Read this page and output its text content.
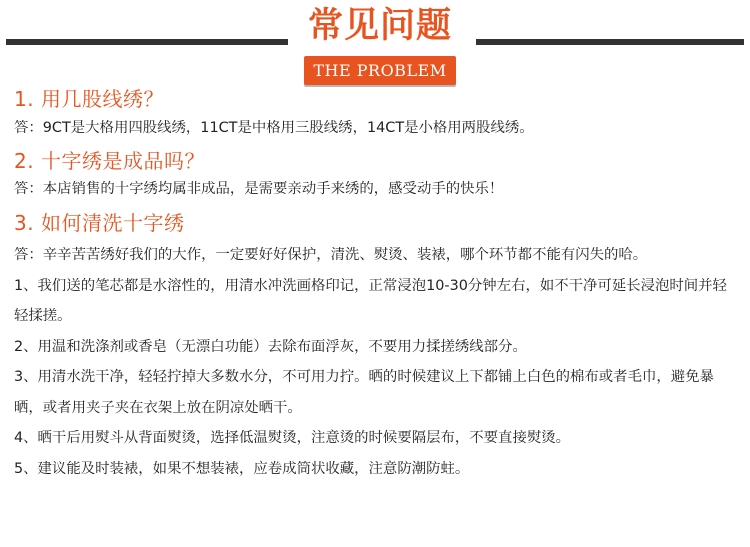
常见问题
THE PROBLEM

1. 用几股线绣？

答：9CT是大格用四股线绣，11CT是中格用三股线绣，14CT是小格用两股线绣。

2. 十字绣是成品吗？

答：本店销售的十字绣均属非成品，是需要亲动手来绣的，感受动手的快乐！

3. 如何清洗十字绣

答：辛辛苦苦绣好我们的大作，一定要好好保护，清洗、熨烫、装裱，哪个环节都不能有闪失的哈。

1、我们送的笔芯都是水溶性的，用清水冲洗画格印记，正常浸泡10-30分钟左右，如不干净可延长浸泡时间并轻轻揉搓。

2、用温和洗涤剂或香皂（无漂白功能）去除布面浮灰，不要用力揉搓绣线部分。

3、用清水洗干净，轻轻拧掉大多数水分，不可用力拧。晒的时候建议上下都铺上白色的棉布或者毛巾，避免暴晒，或者用夹子夹在衣架上放在阴凉处晒干。

4、晒干后用熨斗从背面熨烫，选择低温熨烫，注意烫的时候要隔层布，不要直接熨烫。

5、建议能及时装裱，如果不想装裱，应卷成筒状收藏，注意防潮防蛀。
